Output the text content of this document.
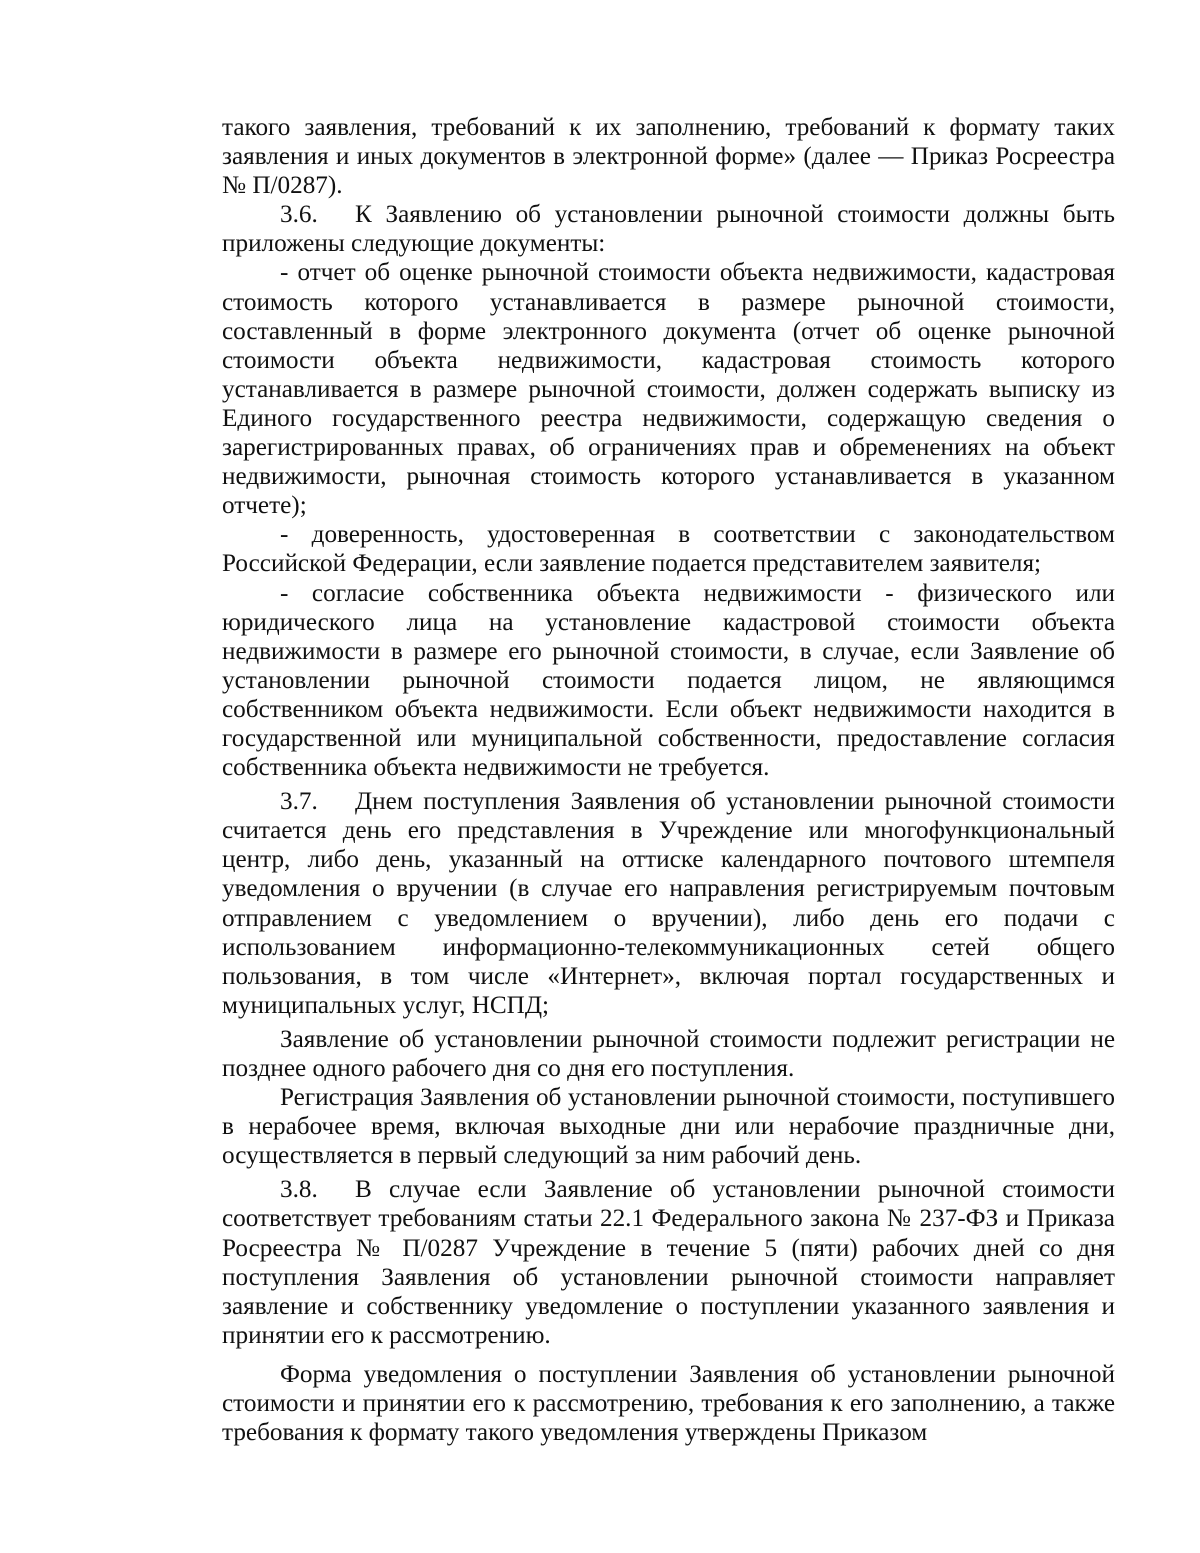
такого заявления, требований к их заполнению, требований к формату таких заявления и иных документов в электронной форме» (далее — Приказ Росреестра № П/0287).

3.6. К Заявлению об установлении рыночной стоимости должны быть приложены следующие документы:

- отчет об оценке рыночной стоимости объекта недвижимости, кадастровая стоимость которого устанавливается в размере рыночной стоимости, составленный в форме электронного документа (отчет об оценке рыночной стоимости объекта недвижимости, кадастровая стоимость которого устанавливается в размере рыночной стоимости, должен содержать выписку из Единого государственного реестра недвижимости, содержащую сведения о зарегистрированных правах, об ограничениях прав и обременениях на объект недвижимости, рыночная стоимость которого устанавливается в указанном отчете);

- доверенность, удостоверенная в соответствии с законодательством Российской Федерации, если заявление подается представителем заявителя;

- согласие собственника объекта недвижимости - физического или юридического лица на установление кадастровой стоимости объекта недвижимости в размере его рыночной стоимости, в случае, если Заявление об установлении рыночной стоимости подается лицом, не являющимся собственником объекта недвижимости. Если объект недвижимости находится в государственной или муниципальной собственности, предоставление согласия собственника объекта недвижимости не требуется.

3.7. Днем поступления Заявления об установлении рыночной стоимости считается день его представления в Учреждение или многофункциональный центр, либо день, указанный на оттиске календарного почтового штемпеля уведомления о вручении (в случае его направления регистрируемым почтовым отправлением с уведомлением о вручении), либо день его подачи с использованием информационно-телекоммуникационных сетей общего пользования, в том числе «Интернет», включая портал государственных и муниципальных услуг, НСПД;

Заявление об установлении рыночной стоимости подлежит регистрации не позднее одного рабочего дня со дня его поступления.

Регистрация Заявления об установлении рыночной стоимости, поступившего в нерабочее время, включая выходные дни или нерабочие праздничные дни, осуществляется в первый следующий за ним рабочий день.

3.8. В случае если Заявление об установлении рыночной стоимости соответствует требованиям статьи 22.1 Федерального закона № 237-ФЗ и Приказа Росреестра № П/0287 Учреждение в течение 5 (пяти) рабочих дней со дня поступления Заявления об установлении рыночной стоимости направляет заявление и собственнику уведомление о поступлении указанного заявления и принятии его к рассмотрению.

Форма уведомления о поступлении Заявления об установлении рыночной стоимости и принятии его к рассмотрению, требования к его заполнению, а также требования к формату такого уведомления утверждены Приказом
